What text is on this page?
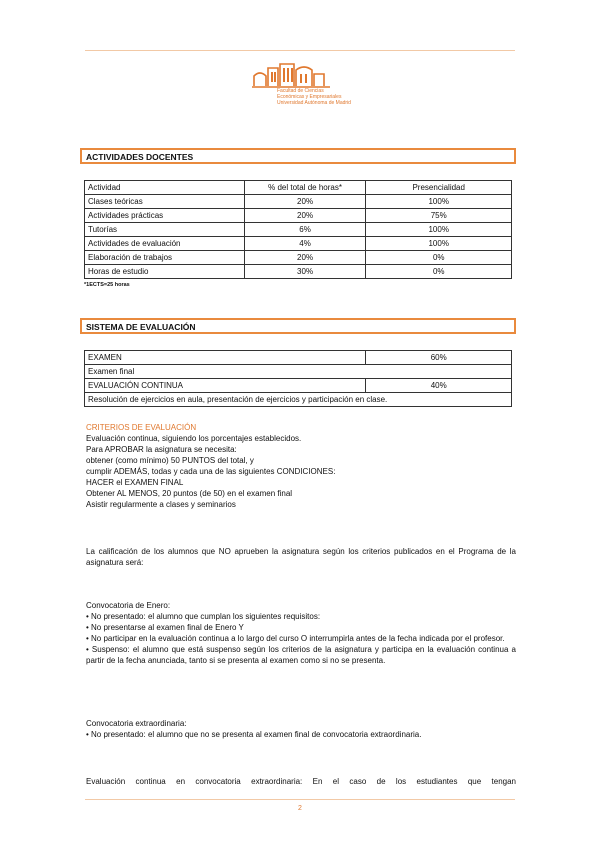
Facultad de Ciencias
Económicas y Empresariales
Universidad Autónoma de Madrid
ACTIVIDADES DOCENTES
Actividad	% del total de horas*	Presencialidad
Clases teóricas	20%	100%
Actividades prácticas	20%	75%
Tutorías	6%	100%
Actividades de evaluación	4%	100%
Elaboración de trabajos	20%	0%
Horas de estudio	30%	0%
*1ECTS=25 horas
SISTEMA DE EVALUACIÓN
EXAMEN	60%
Examen final	
EVALUACIÓN CONTINUA	40%
Resolución de ejercicios en aula, presentación de ejercicios y participación en clase.	

CRITERIOS DE EVALUACIÓN

Evaluación continua, siguiendo los porcentajes establecidos.

Para APROBAR la asignatura se necesita:

obtener (como mínimo) 50 PUNTOS del total, y

cumplir ADEMÁS, todas y cada una de las siguientes CONDICIONES:

HACER el EXAMEN FINAL

Obtener AL MENOS, 20 puntos (de 50) en el examen final

Asistir regularmente a clases y seminarios

La calificación de los alumnos que NO aprueben la asignatura según los criterios publicados en el Programa de la asignatura será:

Convocatoria de Enero:

• No presentado: el alumno que cumplan los siguientes requisitos:

• No presentarse al examen final de Enero Y

• No participar en la evaluación continua a lo largo del curso O interrumpirla antes de la fecha indicada por el profesor.

• Suspenso: el alumno que está suspenso según los criterios de la asignatura y participa en la evaluación continua a partir de la fecha anunciada, tanto si se presenta al examen como si no se presenta.

Convocatoria extraordinaria:

• No presentado: el alumno que no se presenta al examen final de convocatoria extraordinaria.

Evaluación continua en convocatoria extraordinaria: En el caso de los estudiantes que tengan
2
